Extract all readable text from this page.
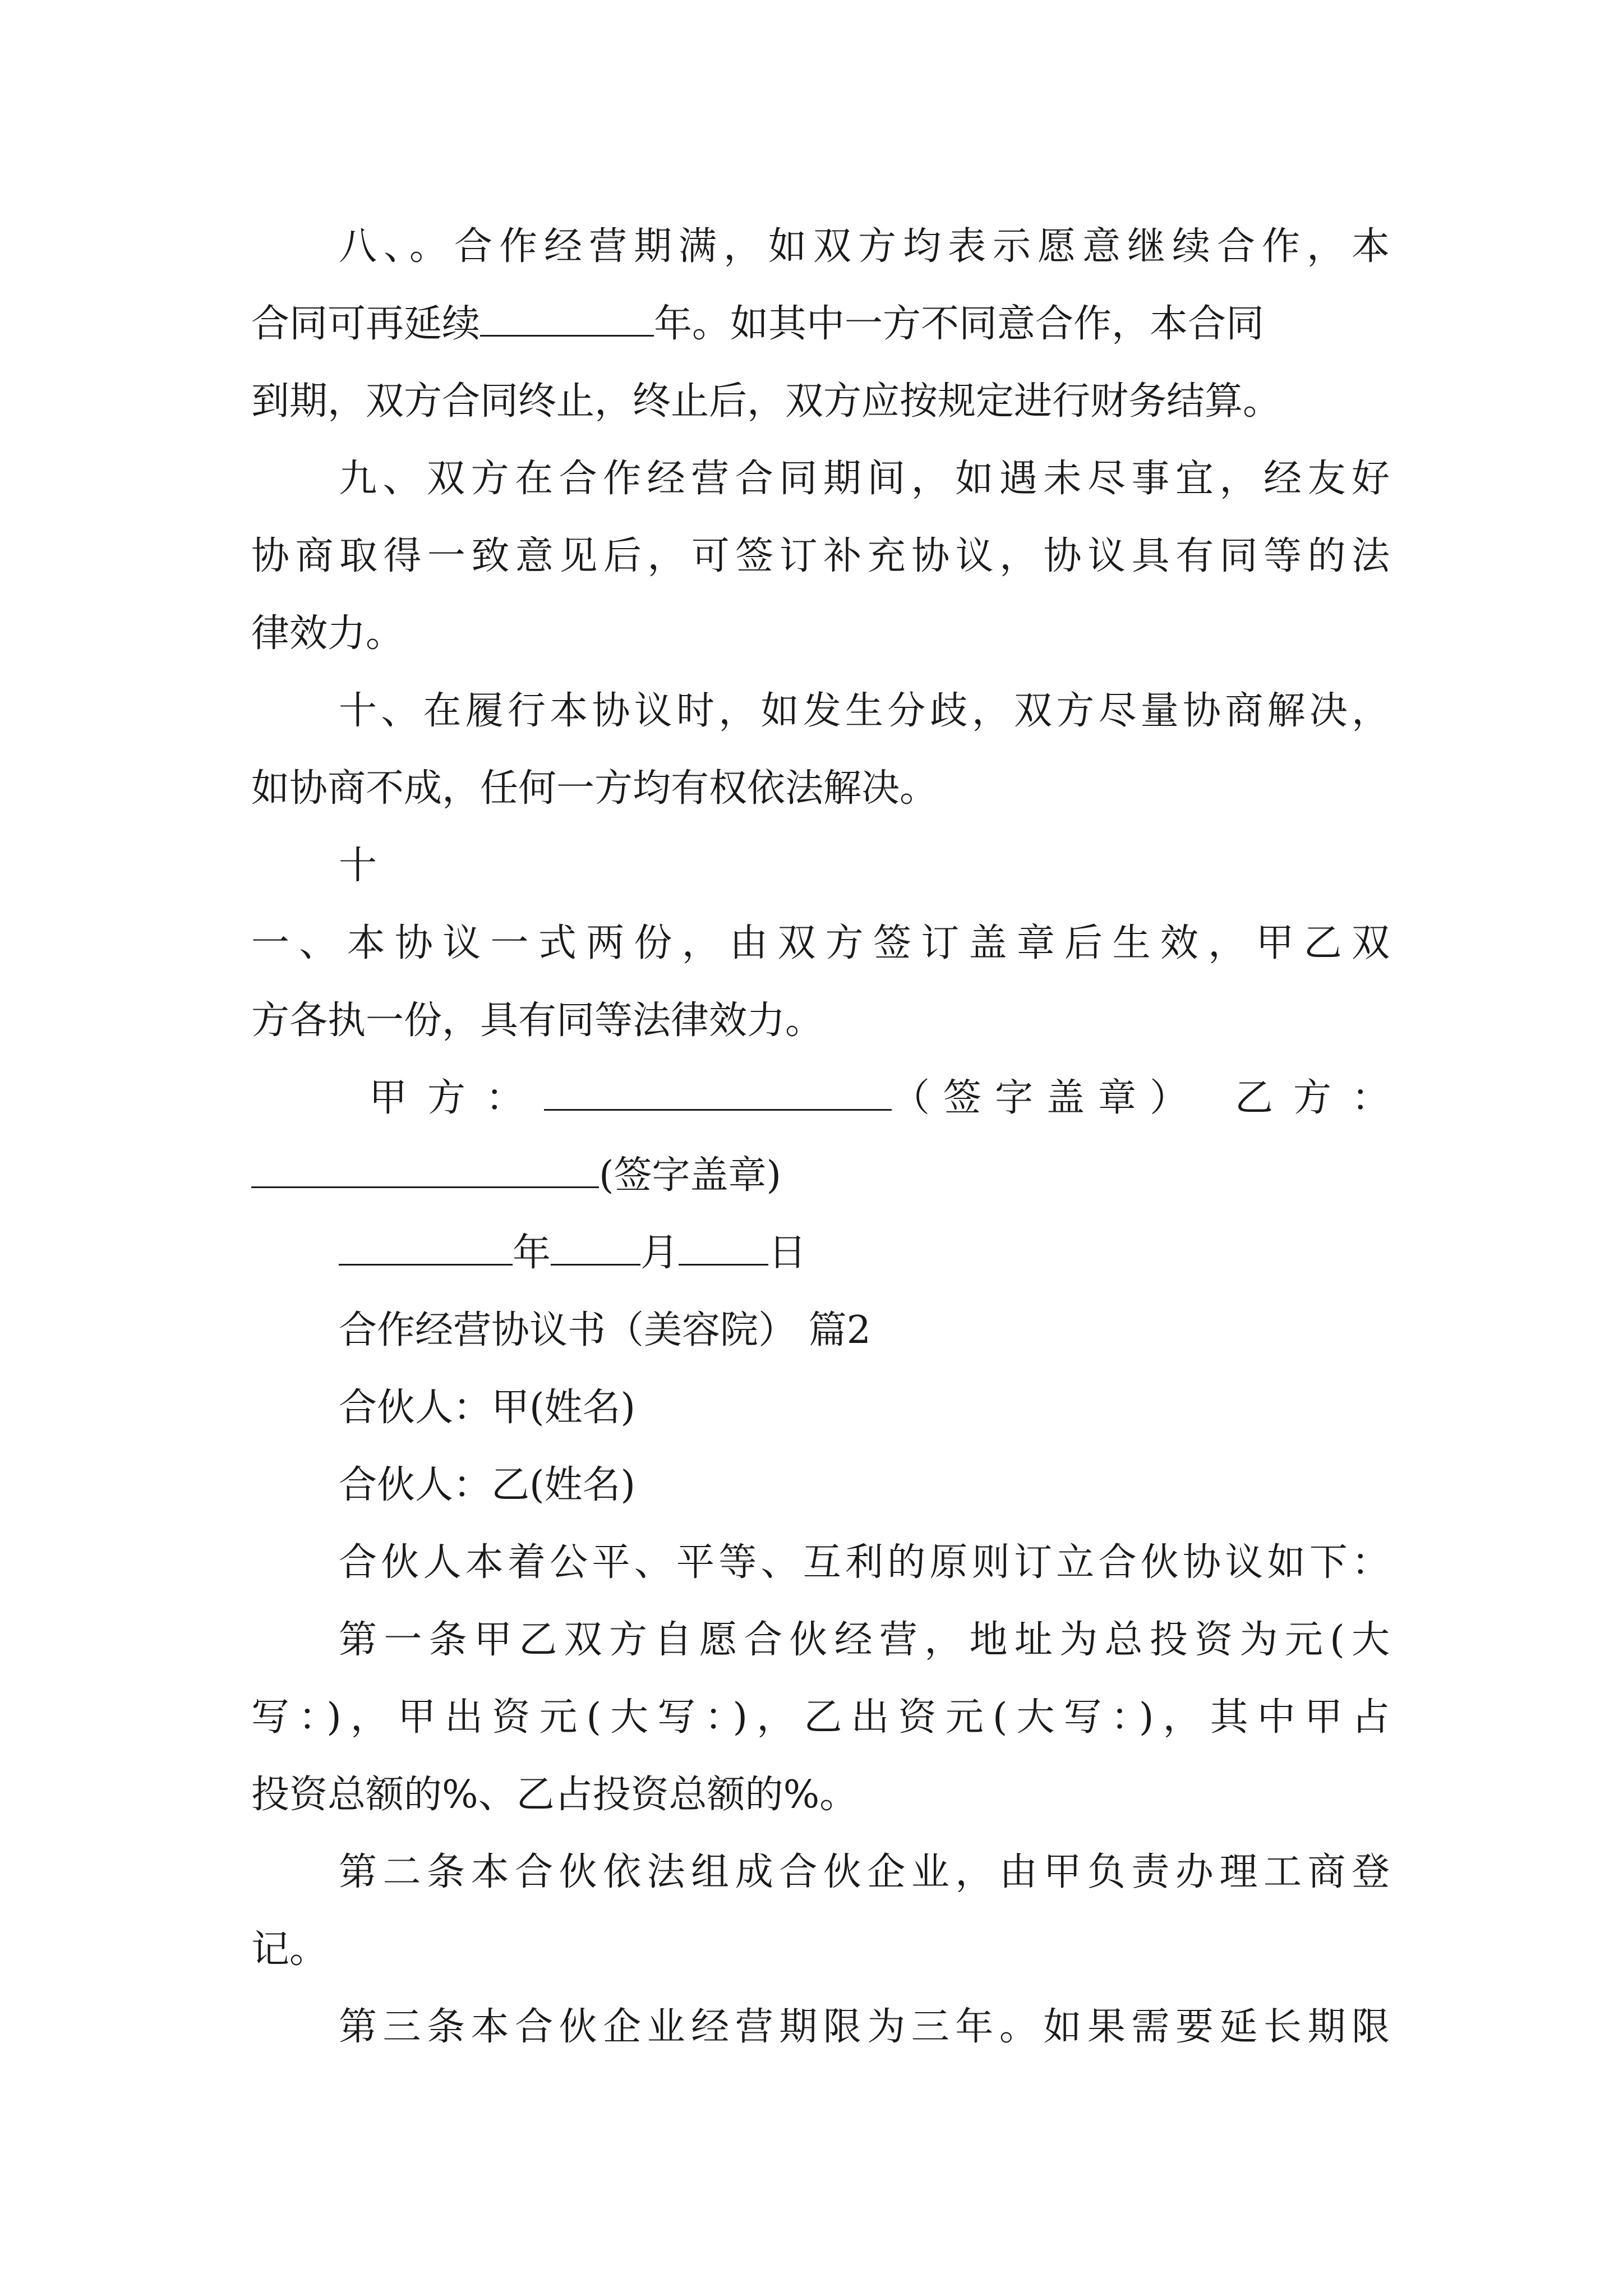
八、。合作经营期满，如双方均表示愿意继续合作，本
合同可再延续	年。如其中一方不同意合作，本合同
到期，双方合同终止，终止后，双方应按规定进行财务结算。
九、双方在合作经营合同期间，如遇未尽事宜，经友好
协商取得一致意见后，可签订补充协议，协议具有同等的法
律效力。
十、在履行本协议时，如发生分歧，双方尽量协商解决，
如协商不成，任何一方均有权依法解决。
十
一、本协议一式两份，由双方签订盖章后生效，甲乙双
方各执一份，具有同等法律效力。
甲方：	（签字盖章） 乙方：
(签字盖章)
年 月 日
合作经营协议书（美容院） 篇2
合伙人：甲(姓名)
合伙人：乙(姓名)
合伙人本着公平、平等、互利的原则订立合伙协议如下：
第一条甲乙双方自愿合伙经营，地址为总投资为元(大
写：)，甲出资元(大写：)，乙出资元(大写：)，其中甲占
投资总额的%、乙占投资总额的%。
第二条本合伙依法组成合伙企业，由甲负责办理工商登
记。
第三条本合伙企业经营期限为三年。如果需要延长期限
